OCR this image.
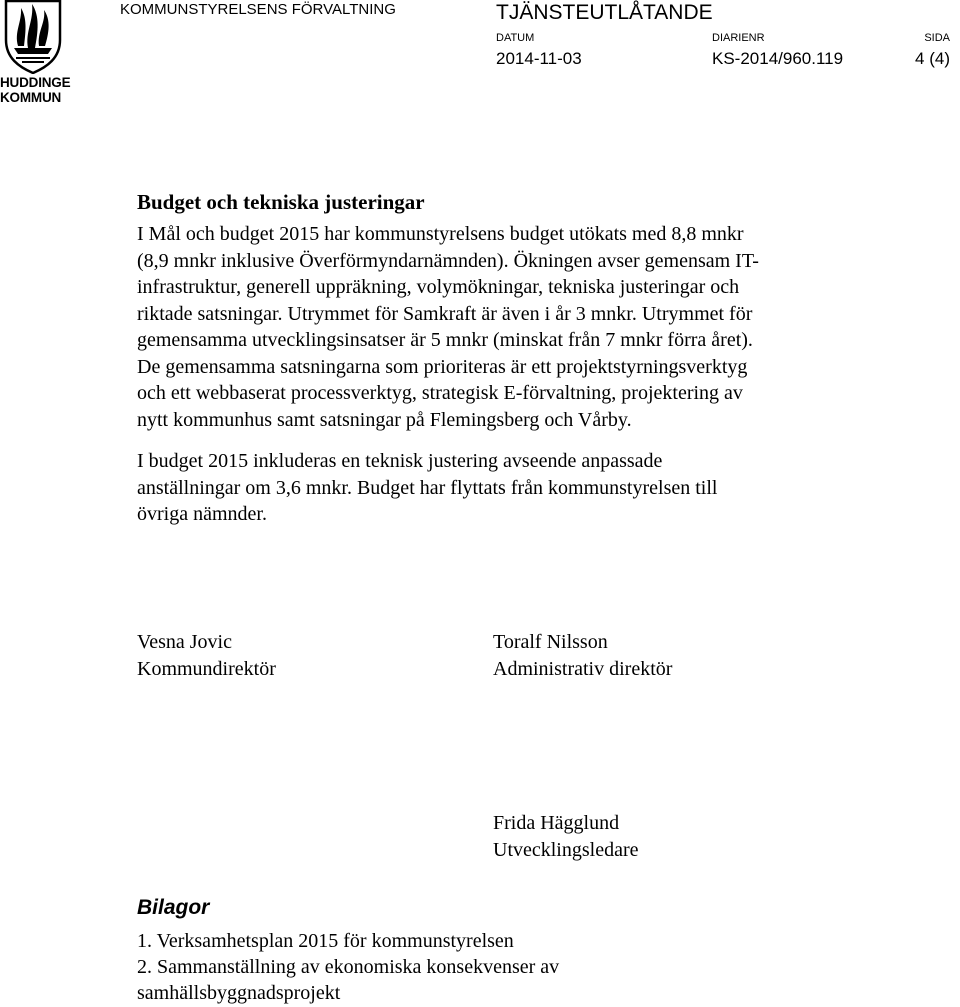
HUDDINGE
KOMMUN
KOMMUNSTYRELSENS FÖRVALTNING	TJÄNSTEUTLÅTANDE
DATUM	DIARIENR	SIDA
2014-11-03	KS-2014/960.119	4 (4)
Budget och tekniska justeringar
I Mål och budget 2015 har kommunstyrelsens budget utökats med 8,8 mnkr
(8,9 mnkr inklusive Överförmyndarnämnden). Ökningen avser gemensam IT-
infrastruktur, generell uppräkning, volymökningar, tekniska justeringar och
riktade satsningar. Utrymmet för Samkraft är även i år 3 mnkr. Utrymmet för
gemensamma utvecklingsinsatser är 5 mnkr (minskat från 7 mnkr förra året).
De gemensamma satsningarna som prioriteras är ett projektstyrningsverktyg
och ett webbaserat processverktyg, strategisk E-förvaltning, projektering av
nytt kommunhus samt satsningar på Flemingsberg och Vårby.
I budget 2015 inkluderas en teknisk justering avseende anpassade
anställningar om 3,6 mnkr. Budget har flyttats från kommunstyrelsen till
övriga nämnder.
Vesna Jovic
Kommundirektör
Toralf Nilsson
Administrativ direktör
Frida Hägglund
Utvecklingsledare
Bilagor
1. Verksamhetsplan 2015 för kommunstyrelsen
2. Sammanställning av ekonomiska konsekvenser av
samhällsbyggnadsprojekt
